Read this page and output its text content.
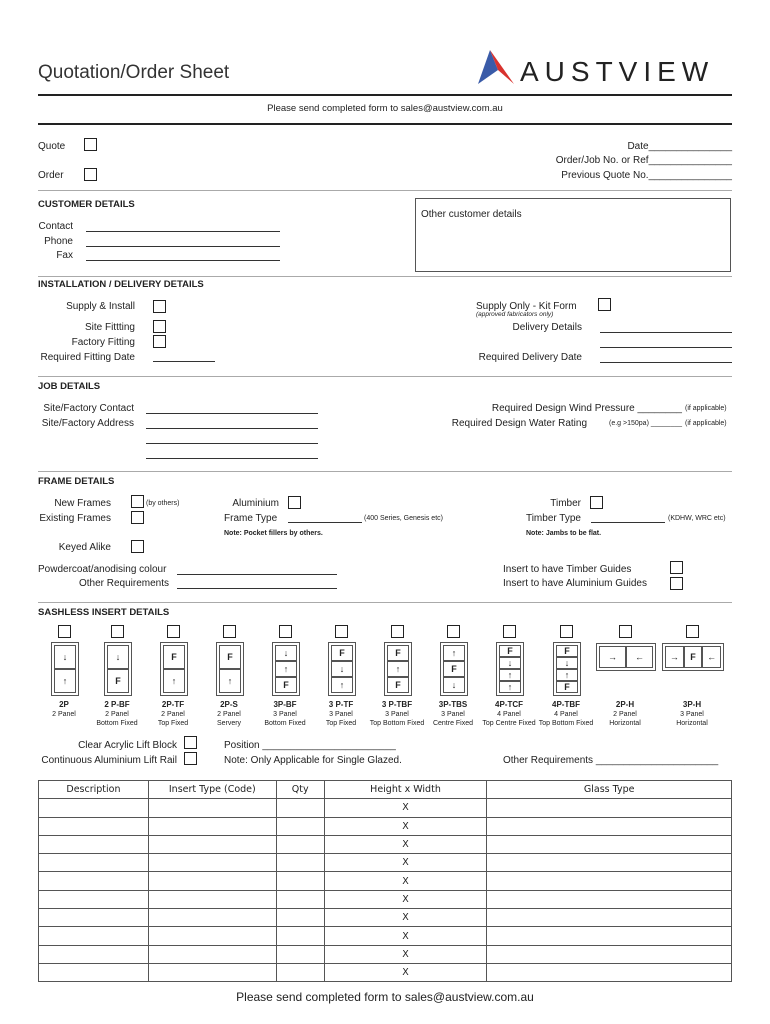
Quotation/Order Sheet	AUSTVIEW
Please send completed form to sales@austview.com.au
Quote
Order
Date_______________
Order/Job No. or Ref_______________
Previous Quote No._______________
CUSTOMER DETAILS
Contact
Phone
Fax
Other customer details
INSTALLATION / DELIVERY DETAILS
Supply & Install
Site Fittting
Factory Fitting
Required Fitting Date
Supply Only - Kit Form
(approved fabricators only)
Delivery Details
Required Delivery Date
JOB DETAILS
Site/Factory Contact
Site/Factory Address
Required Design Wind Pressure ________ (if applicable)
Required Design Water Rating	(e.g >150pa) ________ (if applicable)
FRAME DETAILS
New Frames	(by others)
Existing Frames
Aluminium
Frame Type	(400 Series, Genesis etc)
Note: Pocket fillers by others.
Timber
Timber Type	(KDHW, WRC etc)
Note: Jambs to be flat.
Keyed Alike
Powdercoat/anodising colour
Other Requirements
Insert to have Timber Guides
Insert to have Aluminium Guides
SASHLESS INSERT DETAILS
↓
↑
2P
2 Panel
↓
F
2 P-BF
2 Panel
Bottom Fixed
F
↑
2P-TF
2 Panel
Top Fixed
F
↑
2P-S
2 Panel
Servery
↓
↑
F
3P-BF
3 Panel
Bottom Fixed
F
↓
↑
3 P-TF
3 Panel
Top Fixed
F
↑
F
3 P-TBF
3 Panel
Top Bottom Fixed
↑
F
↓
3P-TBS
3 Panel
Centre Fixed
F
↓
↑
↑
4P-TCF
4 Panel
Top Centre Fixed
F
↓
↑
F
4P-TBF
4 Panel
Top Bottom Fixed
→	←
2P-H
2 Panel
Horizontal
→	F	←
3P-H
3 Panel
Horizontal
Clear Acrylic Lift Block
Continuous Aluminium Lift Rail
Position ________________________
Note: Only Applicable for Single Glazed.	Other Requirements ______________________
Description	Insert Type (Code)	Qty	Height x Width	Glass Type
			X	
			X	
			X	
			X	
			X	
			X	
			X	
			X	
			X	
			X	
Please send completed form to sales@austview.com.au
